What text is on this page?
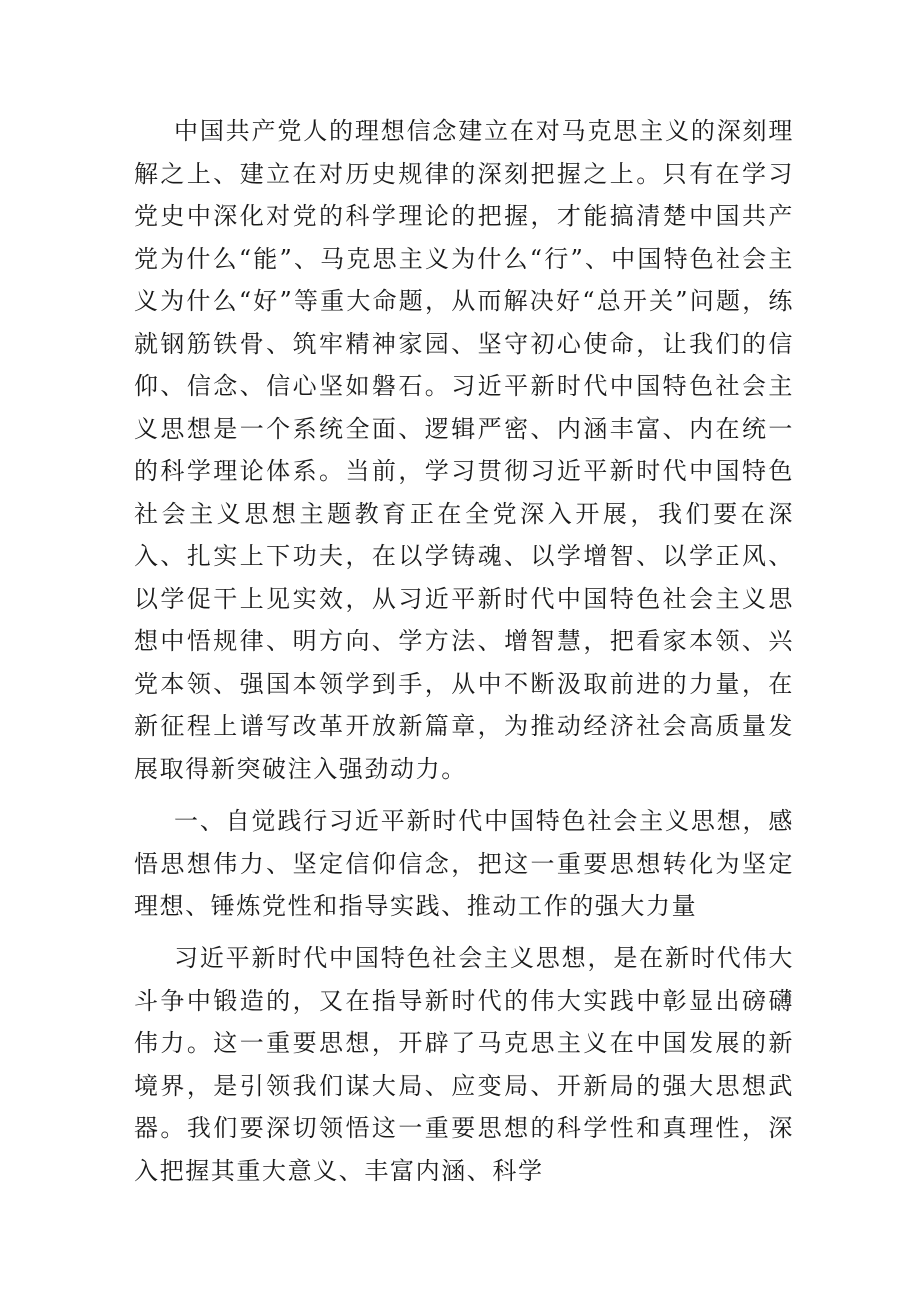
中国共产党人的理想信念建立在对马克思主义的深刻理解之上、建立在对历史规律的深刻把握之上。只有在学习党史中深化对党的科学理论的把握，才能搞清楚中国共产党为什么“能”、马克思主义为什么“行”、中国特色社会主义为什么“好”等重大命题，从而解决好“总开关”问题，练就钢筋铁骨、筑牢精神家园、坚守初心使命，让我们的信仰、信念、信心坚如磐石。习近平新时代中国特色社会主义思想是一个系统全面、逻辑严密、内涵丰富、内在统一的科学理论体系。当前，学习贯彻习近平新时代中国特色社会主义思想主题教育正在全党深入开展，我们要在深入、扎实上下功夫，在以学铸魂、以学增智、以学正风、以学促干上见实效，从习近平新时代中国特色社会主义思想中悟规律、明方向、学方法、增智慧，把看家本领、兴党本领、强国本领学到手，从中不断汲取前进的力量，在新征程上谱写改革开放新篇章，为推动经济社会高质量发展取得新突破注入强劲动力。

一、自觉践行习近平新时代中国特色社会主义思想，感悟思想伟力、坚定信仰信念，把这一重要思想转化为坚定理想、锤炼党性和指导实践、推动工作的强大力量

习近平新时代中国特色社会主义思想，是在新时代伟大斗争中锻造的，又在指导新时代的伟大实践中彰显出磅礴伟力。这一重要思想，开辟了马克思主义在中国发展的新境界，是引领我们谋大局、应变局、开新局的强大思想武器。我们要深切领悟这一重要思想的科学性和真理性，深入把握其重大意义、丰富内涵、科学
